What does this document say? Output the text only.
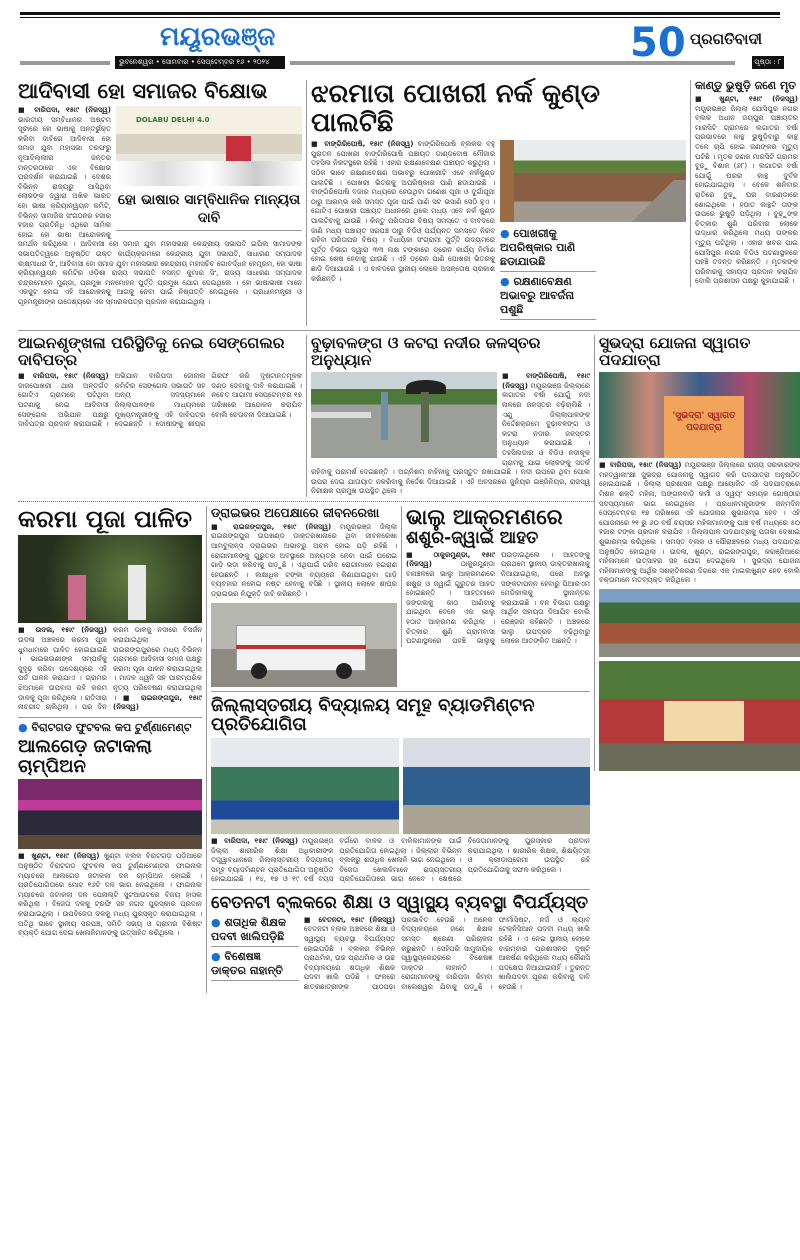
ମୟୂରଭଞ୍ଜ
ଭୁବନେଶ୍ୱର • ସୋମବାର • ସେପ୍ଟେମ୍ବର ୧୬ • ୨୦୨୪	50 ପ୍ରଗତିବାଦୀ
ପୃଷ୍ଠା : ୮
ଆଦିବାସୀ ହୋ ସମାଜର ବିକ୍ଷୋଭ
DOLABU DELHI 4.0
ହୋ ଭାଷାର ସାମ୍ବିଧାନିକ ମାନ୍ୟତା ଦାବି
■ ବାରିପଦା, ୧୫ା୯ (ନିଜସ୍ୱ) ଭାରତୀୟ ସମ୍ବିଧାନର ଅଷ୍ଟମ ସୂଚୀରେ ହୋ ଭାଷାକୁ ଅନ୍ତର୍ଭୁକ୍ତ କରିବା ଦାବିରେ ଆଦିବାସୀ ହୋ ସମାଜ ଯୁବା ମହାସଭା ତରଫରୁ ନୂଆଦିଲ୍ଲୀର ଜନ୍ତର ମନ୍ତରଠାରେ ଏକ ବିକ୍ଷୋଭ ପ୍ରଦର୍ଶନ କରାଯାଇଛି । ଦେଶର ବିଭିନ୍ନ ରାଜ୍ୟରୁ ଆସିଥିବା ଲୋକଙ୍କ ଦ୍ୱାରା ଅଖିଳ ଭାରତ ହୋ ଭାଷା କ୍ରିୟାନ୍ୱୟନ କମିଟି, ବିଭିନ୍ନ ସାମାଜିକ ସଂଗଠନର ହଜାର ହଜାର ପ୍ରତିନିଧି ଏଥିରେ ସାମିଲ ହୋଇ ହୋ ଭାଷା ଆନ୍ଦୋଳନକୁ ସମର୍ଥନ କରିଥିଲେ । ଆଦିବାସୀ ହୋ ସମାଜ ଯୁବା ମହାସଭାର କେନ୍ଦ୍ରୀୟ ସଭାପତି ଇପିଲ ସାମାଡଙ୍କ ସଭାପତିତ୍ୱରେ ଅନୁଷ୍ଠିତ ଉକ୍ତ କାର୍ଯ୍ୟକ୍ରମରେ କେନ୍ଦ୍ରୀୟ ଯୁବା ସଭାପତି, ସାଧାରଣ ସମ୍ପାଦକ ଲକ୍ଷ୍ମୀଧର ସିଂ, ଆଦିବାସୀ ହୋ ସମାଜ ଯୁବା ମହାସଭାର କେନ୍ଦ୍ରୀୟ ମହାସଚିବ ଗୋବର୍ଦ୍ଧନ ହେମ୍ବ୍ରମ, ହୋ ଭାଷା କ୍ରିୟାନ୍ୱୟନ କମିଟିର ଓଡ଼ିଶା ରାଜ୍ୟ ସଭାପତି ବସନ୍ତ କୁମାର ସିଂ, ରାଜ୍ୟ ସାଧାରଣ ସମ୍ପାଦକ ଚନ୍ଦ୍ରମୋହନ ମୁଣ୍ଡା, ପ୍ରମୁଖ ମନମୋହନ ପୁର୍ତ୍ତି ପ୍ରମୁଖ ଯୋଗ ଦେଇଥିଲେ । ହୋ ଭାଷାଭାଷୀ ମାନେ ଏକଜୁଟ ହୋଇ ଏହି ଆନ୍ଦୋଳନକୁ ଆଗକୁ ନେବା ପାଇଁ ନିଷ୍ପତ୍ତି ନେଇଥିଲେ । ପ୍ରଧାନମନ୍ତ୍ରୀ ଓ ଗୃହମନ୍ତ୍ରୀଙ୍କ ଉଦ୍ଦେଶ୍ୟରେ ଏକ ସ୍ମାରକପତ୍ର ପ୍ରଦାନ କରାଯାଇଥିଲା ।
ଝରମାତା ପୋଖରୀ ନର୍କ କୁଣ୍ଡ ପାଲଟିଛି
● ପୋଖରୀକୁ ଅପରିଷ୍କାର ପାଣି ଛଡାଯାଉଛି
● ରକ୍ଷଣାବେକ୍ଷଣ ଅଭାବରୁ ଆବର୍ଜନା ପଶୁଛି
■ ବାଙ୍ଗିରିପୋଷି, ୧୫ା୯ (ନିଜସ୍ୱ) ବାଙ୍ଗିରିପୋଷି ବ୍ଲକର ବହୁ ପୁରାତନ ପୋଖରୀ ବାଙ୍ଗିରିପୋଷି ପଞ୍ଚାୟତ ଡାଣ୍ଡବୋଷ ମୌଜାର ତହସିଲ ନିକଟସ୍ଥରେ ରହିଛି । ଏହାର ରକ୍ଷଣାବେକ୍ଷଣ ପଞ୍ଚାୟତ କରୁଥିଲା । ସଠିକ ଭାବେ ରକ୍ଷଣାବେକ୍ଷଣ ଅଭାବରୁ ପୋଖରୀଟି ଏବେ ନର୍କକୁଣ୍ଡ ପାଲଟିଛି । ପୋଖରୀ ଭିତରକୁ ଅପରିଷ୍କାର ପାଣି ଛଡାଯାଉଛି । ବାଙ୍ଗିରିପୋଷି ବଜାର ମଧ୍ୟରେ ହେଉଥିବା ଗଣେଶ ପୂଜା ଓ ଦୁର୍ଗାପୂଜା ଠାରୁ ଆରମ୍ଭ କରି ସମସ୍ତ ପୂଜା ପାଇଁ ପାଣି ସଟ ଭସାଣି ସେଠି ହୁଏ । ଗୋଟିଏ ପୋଖରୀ ପଞ୍ଚାୟତ ଅଧୀନରେ ଥିଲେ ମଧ୍ୟ ଏବେ ନର୍କ କୁଣ୍ଡ ପାଲଟିବାକୁ ଯାଉଛି । କିନ୍ତୁ ପରିତାପର ବିଷୟ ସମସ୍ତେ ଏ ବାବଦରେ ଜାଣି ମଧ୍ୟ ପଞ୍ଚାୟତ ସରପଞ୍ଚ ଠାରୁ ବିଡିଓ ପର୍ଯ୍ୟନ୍ତ ସମସ୍ତେ ନିରବ ରହିବା ପରିତାପର ବିଷୟ । ବିଧାୟିକା ସଂଗ୍ରାମୀ ପୁର୍ତ୍ତି ଉଦ୍ୟମରେ ପୂର୍ତ୍ତ ବିଭାଗ ଦ୍ୱାରା ୩୩ ଲକ୍ଷ ଟଙ୍କାରେ ଡ୍ରେନ କାର୍ଯ୍ୟ ନିର୍ମାଣ ହୋଇ ଶେଷ ହେବାକୁ ଯାଉଛି । ଏହି ଡ୍ରେନ ପାଣି ପୋଖରୀ ଭିତରକୁ ଛାଡ଼ି ଦିଆଯାଉଛି । ଏ ବାବଦରେ ସ୍ଥାନୀୟ ଲୋକେ ଅସନ୍ତୋଷ ପ୍ରକାଶ କରିଛନ୍ତି ।
କାଣ୍ଡୁ ଭୁଷୁଡ଼ି ଜଣେ ମୃତ
■ ଖୁଣ୍ଟା, ୧୫ା୯ (ନିଜସ୍ୱ) ମୟୂରଭଞ୍ଜ ଜିଲ୍ଲା ଯୋସିପୁର ନଗର ବ୍ଲକ ଅଧୀନ ଜୟପୁର ପଞ୍ଚାୟତର ମାରସିଟି ଗ୍ରାମରେ ଲଗାତର ବର୍ଷା ପ୍ରଭାବରେ କାନ୍ଥ ଭୁଷୁଡ଼ିବାରୁ କାନ୍ଥ ତଳେ ଚାପି ହୋଇ ଜଣଙ୍କର ମୃତ୍ୟୁ ଘଟିଛି । ମୃତକ ଜଣକ ମାରସିଟି ଗ୍ରାମର ବୁଢ଼ୁ ବିଶାଳ (୬୮) । ଲଗାତର ବର୍ଷା ଯୋଗୁଁ ଘରର କାନ୍ଥ ଦୁର୍ବଳ ହୋଇଯାଇଥିଲା । ବେଳେ ଶନିବାର ରାତିରେ ବୁଢ଼ୁ ଘର ବାରଣ୍ଡାରେ ଶୋଇଥିଲେ । ହଠାତ କାନ୍ଥଟି ତାଙ୍କ ଉପରେ ଭୁଷୁଡ଼ି ପଡ଼ିଥିଲା । ବୁଢ଼ୁଙ୍କ ଚିତ୍କାର ଶୁଣି ପରିବାର ଲୋକେ ଉଦ୍ଧାର କରିଥିଲେ ମଧ୍ୟ ତାଙ୍କର ମୃତ୍ୟୁ ଘଟିଥିଲା । ଏହାର ଖବର ପାଇ ଯୋସିପୁର ନଗର ବିଡିଓ ଘଟଣାସ୍ଥଳରେ ପହଞ୍ଚି ତଦନ୍ତ କରିଛନ୍ତି । ମୃତକଙ୍କ ପରିବାରକୁ ସହାୟତା ପ୍ରଦାନ କରାଯିବ ବୋଲି ପ୍ରଶାସନ ପକ୍ଷରୁ କୁହାଯାଇଛି ।
ଆଇନଶୃଙ୍ଖଳା ପରିସ୍ଥିତିକୁ ନେଇ ସେଙ୍ଗେଲର ଦାବିପତ୍ର
■ ବାରିପଦା, ୧୫ା୯ (ନିଜସ୍ୱ) ଜାଜପୋଖରୀ ଥାନା ଅନ୍ତର୍ଗତ ଗୋଟିଏ ଗ୍ରାମରେ ଘଟିଥିବା ଘଟଣାକୁ ନେଇ ଆଦିବାସୀ ସେଙ୍ଗେଲ ଅଭିଯାନ ପକ୍ଷରୁ ଦାବିପତ୍ର ପ୍ରଦାନ କରାଯାଇଛି । ଅଭିଯାନ ବାରିପଦା ଜୋନାଲ କମିଟିର ସେଙ୍ଗେଲ ସଭାପତି ସହ ଅନ୍ୟ ସଦସ୍ୟମାନେ ଜିଲ୍ଲାପାଳଙ୍କ ମାଧ୍ୟମରେ ମୁଖ୍ୟମନ୍ତ୍ରୀଙ୍କୁ ଏହି ଦାବିପତ୍ର ଦେଇଛନ୍ତି । ଦୋଷୀଙ୍କୁ ଶୀଘ୍ର ଗିରଫ କରି ଦୃଷ୍ଟାନ୍ତମୂଳକ ଦଣ୍ଡ ଦେବାକୁ ଦାବି କରାଯାଇଛି । ନଚେତ ଆଗାମୀ ସେପ୍ଟେମ୍ବର ୧୭ ତାରିଖରେ ଆନ୍ଦୋଳନ କରାଯିବ ବୋଲି ଚେତାବନୀ ଦିଆଯାଇଛି ।
ବୁଢ଼ାବଳଙ୍ଗ ଓ କଟରା ନଦୀର ଜଳସ୍ତର ଅନୁଧ୍ୟାନ
■ ବାଙ୍ଗିରିପୋଷି, ୧୫ା୯ (ନିଜସ୍ୱ) ମୟୂରଭଞ୍ଜ ଜିଲ୍ଲାରେ ଲଗାତର ବର୍ଷା ଯୋଗୁଁ ନଦୀ ନାଳରେ ଜଳସ୍ତର ବଢ଼ିଚାଲିଛି । ଏଣୁ ଜିଲ୍ଲାପାଳଙ୍କ ନିର୍ଦ୍ଦେଶକ୍ରମେ ବୁଢ଼ାବଳଙ୍ଗ ଓ କଟରା ନଦୀର ଜଳସ୍ତର ଅନୁଧ୍ୟାନ କରାଯାଇଛି । ତହସିଲଦାର ଓ ବିଡିଓ ନଦୀକୂଳ ଗ୍ରାମକୁ ଯାଇ ଲୋକଙ୍କୁ ସତର୍କ ରହିବାକୁ ପରାମର୍ଶ ଦେଇଛନ୍ତି । ଅଗ୍ନିଶମ ବାହିନୀକୁ ପ୍ରସ୍ତୁତ ରଖାଯାଇଛି । ନଦୀ ଉପରେ ଥିବା ପୋଲ ଉପର ଦେଇ ଯାତାୟାତ ନକରିବାକୁ ନିର୍ଦ୍ଦେଶ ଦିଆଯାଇଛି । ଏହି ଅବସରରେ ଜୁନିୟର ଇଞ୍ଜିନିୟର, ରାଜସ୍ୱ ନିରୀକ୍ଷକ ପ୍ରମୁଖ ଉପସ୍ଥିତ ଥିଲେ ।
କରମା ପୂଜା ପାଳିତ
■ ଉଦଳା, ୧୫ା୯ (ନିଜସ୍ୱ) ଉଦଳା ଅଞ୍ଚଳରେ କରମା ପୂଜା ଧୁମଧାମରେ ପାଳିତ ହୋଇଯାଇଛି । ଭାଇଭଉଣୀଙ୍କ ସମ୍ପର୍କକୁ ସୁଦୃଢ଼ କରିବା ଉଦ୍ଦେଶ୍ୟରେ ଏହି ପର୍ବ ପାଳନ କରାଯାଏ । ଗ୍ରାମର ଝିଅମାନେ ଉପବାସ ରହି କରମ ଡାଳକୁ ପୂଜା କରିଥିଲେ । ରାତିସାରା ନାଚଗୀତ ଚାଲିଥିଲା । ପର ଦିନ କରମ ଡାଳକୁ ନଦୀରେ ବିସର୍ଜନ କରାଯାଇଥିଲା । ରାଇରଙ୍ଗପୁରରେ ମଧ୍ୟ ବିଭିନ୍ନ ଗ୍ରାମରେ ଆଦିବାସୀ ସମାଜ ପକ୍ଷରୁ କରମା ପୂଜା ପାଳନ କରାଯାଇଥିଲା । ମାଦଳ ଧ୍ୱନି ସହ ପାରମ୍ପରିକ ନୃତ୍ୟ ପରିବେଷଣ କରାଯାଇଥିଲା ।	■ ରାଇରଙ୍ଗପୁର, ୧୫ା୯ (ନିଜସ୍ୱ)
● ବିରାଟଗଡ ଫୁଟବଲ କପ ଟୁର୍ଣ୍ଣାମେଣ୍ଟ
ଆଲଗେଡ଼ ଜଟାକଲା ଚାମ୍ପିଅନ
■ ଖୁଣ୍ଟା, ୧୫ା୯ (ନିଜସ୍ୱ) ଖୁଣ୍ଟା ବ୍ଲକ ବିରାଟଗଡ଼ ପଡ଼ିଆରେ ଅନୁଷ୍ଠିତ ବିରାଟଗଡ ଫୁଟବଲ କପ ଟୁର୍ଣ୍ଣାମେଣ୍ଟର ଫାଇନାଲ ମ୍ୟାଚରେ ଆଲଗେଡ଼ ଜଟାକଲା ଦଳ ଚାମ୍ପିଅନ ହୋଇଛି । ପ୍ରତିଯୋଗିତାରେ ମୋଟ ୧୬ଟି ଦଳ ଭାଗ ନେଇଥିଲେ । ଫାଇନାଲ ମ୍ୟାଚରେ ଜଟାକଲା ଦଳ ପେନାଲ୍ଟି ସୁଟଆଉଟରେ ବିଜୟ ହାସଲ କରିଥିଲା । ବିଜେତା ଦଳକୁ ଟ୍ରଫି ସହ ନଗଦ ପୁରସ୍କାର ପ୍ରଦାନ କରାଯାଇଥିଲା । ଉପବିଜେତା ଦଳକୁ ମଧ୍ୟ ପୁରସ୍କୃତ କରାଯାଇଥିଲା । ଅତିଥି ଭାବେ ସ୍ଥାନୀୟ ସରପଞ୍ଚ, ସମିତି ସଭ୍ୟ ଓ ଗ୍ରାମର ବିଶିଷ୍ଟ ବ୍ୟକ୍ତି ଯୋଗ ଦେଇ ଖେଳାଳିମାନଙ୍କୁ ଉତ୍ସାହିତ କରିଥିଲେ ।
ଡ୍ରାଇଭର ଅପେକ୍ଷାରେ ଜୀବନରେଖା
■ ରାଇରଙ୍ଗପୁର, ୧୫ା୯ (ନିଜସ୍ୱ) ମୟୂରଭଞ୍ଜ ଜିଲ୍ଲା ରାଇରଙ୍ଗପୁର ଉପଖଣ୍ଡ ଡାକ୍ତରଖାନାରେ ଥିବା ଜୀବନରେଖା ଆମ୍ବୁଲାନ୍ସ ଡ୍ରାଇଭର ଅଭାବରୁ ଅଚଳ ହୋଇ ପଡ଼ି ରହିଛି । ରୋଗୀମାନଙ୍କୁ ଗୁରୁତର ଅବସ୍ଥାରେ ଅନ୍ୟତ୍ର ନେବା ପାଇଁ ଘରୋଇ ଗାଡ଼ି ଭଡ଼ା କରିବାକୁ ପଡ଼ୁଛି । ଏଥିପାଇଁ ଗରିବ ରୋଗୀମାନେ ହଇରାଣ ହେଉଛନ୍ତି । ଲକ୍ଷାଧିକ ଟଙ୍କା ବ୍ୟୟରେ କିଣାଯାଇଥିବା ଗାଡ଼ି ବ୍ୟବହାର ନହୋଇ ନଷ୍ଟ ହେବାକୁ ବସିଛି । ସ୍ଥାନୀୟ ଲୋକେ ଶୀଘ୍ର ଡ୍ରାଇଭର ନିଯୁକ୍ତି ଦାବି କରିଛନ୍ତି ।
ଭାଲୁ ଆକ୍ରମଣରେ
ଶଶୁର-ଜ୍ୱାଇଁ ଆହତ
■ ଠାକୁରମୁଣ୍ଡା, ୧୫ା୯ (ନିଜସ୍ୱ)	ଠାକୁରମୁଣ୍ଡା ବନାଞ୍ଚଳରେ ଭାଲୁ ଆକ୍ରମଣରେ ଶଶୁର ଓ ଜ୍ୱାଇଁ ଗୁରୁତର ଆହତ ହୋଇଛନ୍ତି । ଆହତମାନେ ଜଙ୍ଗଲକୁ କାଠ ଆଣିବାକୁ ଯାଇଥିବା ବେଳେ ଏକ ଭାଲୁ ହଠାତ ଆକ୍ରମଣ କରିଥିଲା । ଚିତ୍କାର ଶୁଣି ଗ୍ରାମବାସୀ ଘଟଣାସ୍ଥଳରେ ପହଞ୍ଚି ଭାଲୁକୁ ଘଉଡ଼ାଇଥିଲେ । ଆହତଙ୍କୁ ପ୍ରଥମେ ସ୍ଥାନୀୟ ଡାକ୍ତରଖାନାକୁ ନିଆଯାଇଥିଲା, ପରେ ଅବସ୍ଥା ସଙ୍କଟାପନ୍ନ ହେବାରୁ ପିଆରଏମ ମେଡିକାଲକୁ ସ୍ଥାନାନ୍ତର କରାଯାଇଛି । ବନ ବିଭାଗ ପକ୍ଷରୁ ଆର୍ଥିକ ସହାୟତା ଦିଆଯିବ ବୋଲି ରେଞ୍ଜର କହିଛନ୍ତି । ଅଞ୍ଚଳରେ ଭାଲୁ ଉପଦ୍ରବ ବଢ଼ିଥିବାରୁ ଲୋକେ ଆତଙ୍କିତ ଅଛନ୍ତି ।
ଜିଲ୍ଲାସ୍ତରୀୟ ବିଦ୍ୟାଳୟ ସମୂହ ବ୍ୟାଡମିଣ୍ଟନ ପ୍ରତିଯୋଗିତା
■ ବାରିପଦା, ୧୫ା୯ (ନିଜସ୍ୱ) ମୟୂରଭଞ୍ଜ ଜିଲ୍ଲା ଶାରୀରିକ ଶିକ୍ଷା ଅଧିକାରୀଙ୍କ ତତ୍ତ୍ୱାବଧାନରେ ଜିଲ୍ଲାସ୍ତରୀୟ ବିଦ୍ୟାଳୟ ସମୂହ ବ୍ୟାଡମିଣ୍ଟନ ପ୍ରତିଯୋଗିତା ଅନୁଷ୍ଠିତ ହୋଇଯାଇଛି । ୧୪, ୧୭ ଓ ୧୯ ବର୍ଷ ବୟସ ବର୍ଗରେ ବାଳକ ଓ ବାଳିକାମାନଙ୍କ ପାଇଁ ପ୍ରତିଯୋଗିତା ହୋଇଥିଲା । ଜିଲ୍ଲାର ବିଭିନ୍ନ ବ୍ଲକରୁ ଶତାଧିକ ଖେଳାଳି ଭାଗ ନେଇଥିଲେ । ବିଜେତା ଖେଳାଳିମାନେ ରାଜ୍ୟସ୍ତରୀୟ ପ୍ରତିଯୋଗିତାରେ ଭାଗ ନେବେ । ଶେଷରେ ବିଜେତାମାନଙ୍କୁ ପୁରସ୍କାର ପ୍ରଦାନ କରାଯାଇଥିଲା । ଶାରୀରିକ ଶିକ୍ଷକ, ଶିକ୍ଷୟିତ୍ରୀ ଓ କ୍ରୀଡ଼ାପ୍ରେମୀ ଉପସ୍ଥିତ ରହି ପ୍ରତିଯୋଗିତାକୁ ସଫଳ କରିଥିଲେ ।
ବେତନଟୀ ବ୍ଲକରେ ଶିକ୍ଷା ଓ ସ୍ୱାସ୍ଥ୍ୟ ବ୍ୟବସ୍ଥା ବିପର୍ଯ୍ୟସ୍ତ
● ଶତାଧିକ ଶିକ୍ଷକ ପଦବୀ ଖାଲିପଡ଼ିଛି
● ବିଶେଷଜ୍ଞ ଡାକ୍ତର ନାହାନ୍ତି
■ ବେତନଟୀ, ୧୫ା୯ (ନିଜସ୍ୱ) ବେତନଟୀ ବ୍ଲକ ଅଞ୍ଚଳରେ ଶିକ୍ଷା ଓ ସ୍ୱାସ୍ଥ୍ୟ ବ୍ୟବସ୍ଥା ବିପର୍ଯ୍ୟସ୍ତ ହୋଇପଡ଼ିଛି । ବ୍ଲକର ବିଭିନ୍ନ ପ୍ରାଥମିକ, ଉଚ୍ଚ ପ୍ରାଥମିକ ଓ ଉଚ୍ଚ ବିଦ୍ୟାଳୟରେ ଶତାଧିକ ଶିକ୍ଷକ ପଦବୀ ଖାଲି ପଡ଼ିଛି । ଫଳରେ ଛାତ୍ରଛାତ୍ରୀଙ୍କ ପାଠପଢ଼ା ପ୍ରଭାବିତ ହେଉଛି । ଅନେକ ବିଦ୍ୟାଳୟରେ ଜଣେ ଶିକ୍ଷକ ସମସ୍ତ ଶ୍ରେଣୀ ପରିଚାଳନା କରୁଛନ୍ତି । ସେହିପରି ସାମୁଦାୟିକ ସ୍ୱାସ୍ଥ୍ୟକେନ୍ଦ୍ରରେ ବିଶେଷଜ୍ଞ ଡାକ୍ତର ନାହାନ୍ତି । ରୋଗୀମାନଙ୍କୁ ବାରିପଦା କିମ୍ବା ବାଲେଶ୍ୱର ଯିବାକୁ ପଡ଼ୁଛି । ଫାର୍ମାସିଷ୍ଟ, ନର୍ସ ଓ ଲ୍ୟାବ ଟେକ୍ନିସିଆନ ପଦବୀ ମଧ୍ୟ ଖାଲି ରହିଛି । ଏ ନେଇ ସ୍ଥାନୀୟ ଲୋକେ ବାରମ୍ବାର ପ୍ରଶାସନର ଦୃଷ୍ଟି ଆକର୍ଷଣ କରିଥିଲେ ମଧ୍ୟ କୌଣସି ପଦକ୍ଷେପ ନିଆଯାଇନାହିଁ । ତୁରନ୍ତ ଖାଲିପଦବୀ ପୂରଣ କରିବାକୁ ଦାବି ହେଉଛି ।
ସୁଭଦ୍ରା ଯୋଜନା ସ୍ୱାଗତ ପଦଯାତ୍ରା
'ସୁଭଦ୍ରା' ସ୍ୱାଗତ ପଦଯାତ୍ରା
■ ବାରିପଦା, ୧୫ା୯ (ନିଜସ୍ୱ) ମୟୂରଭଞ୍ଜ ଜିଲ୍ଲାରେ ରାଜ୍ୟ ସରକାରଙ୍କ ମହତ୍ୱାକାଂକ୍ଷୀ ସୁଭଦ୍ରା ଯୋଜନାକୁ ସ୍ୱାଗତ କରି ପଦଯାତ୍ରା ଅନୁଷ୍ଠିତ ହୋଇଯାଇଛି । ଜିଲ୍ଲା ପ୍ରଶାସନ ପକ୍ଷରୁ ଆୟୋଜିତ ଏହି ପଦଯାତ୍ରାରେ ମିଶନ ଶକ୍ତି ମହିଳା, ଅଙ୍ଗନବାଡ଼ି କର୍ମୀ ଓ ସ୍ୱୟଂ ସହାୟକ ଗୋଷ୍ଠୀର ସଦସ୍ୟମାନେ ଭାଗ ନେଇଥିଲେ । ପ୍ରଧାନମନ୍ତ୍ରୀଙ୍କ ଜନ୍ମଦିନ ସେପ୍ଟେମ୍ବର ୧୭ ତାରିଖରେ ଏହି ଯୋଜନାର ଶୁଭାରମ୍ଭ ହେବ । ଏହି ଯୋଜନାରେ ୨୧ ରୁ ୬୦ ବର୍ଷ ବୟସର ମହିଳାମାନଙ୍କୁ ପାଞ୍ଚ ବର୍ଷ ମଧ୍ୟରେ ୫୦ ହଜାର ଟଙ୍କା ପ୍ରଦାନ କରାଯିବ । ଜିଲ୍ଲାପାଳ ପଦଯାତ୍ରାକୁ ପତାକା ଦେଖାଇ ଶୁଭାରମ୍ଭ କରିଥିଲେ । ସମସ୍ତ ବ୍ଲକ ଓ ପୌରାଞ୍ଚଳରେ ମଧ୍ୟ ପଦଯାତ୍ରା ଅନୁଷ୍ଠିତ ହୋଇଥିଲା । ଉଦଳା, ଖୁଣ୍ଟା, ରାଇରଙ୍ଗପୁର, କରଞ୍ଜିଆରେ ମହିଳାମାନେ ଉତ୍ସାହର ସହ ଯୋଗ ଦେଇଥିଲେ । ସୁଭଦ୍ରା ଯୋଜନା ମହିଳାମାନଙ୍କୁ ଆର୍ଥିକ ସଶକ୍ତିକରଣ ଦିଗରେ ଏକ ମାଇଲଖୁଣ୍ଟ ହେବ ବୋଲି ବକ୍ତାମାନେ ମତବ୍ୟକ୍ତ କରିଥିଲେ ।
